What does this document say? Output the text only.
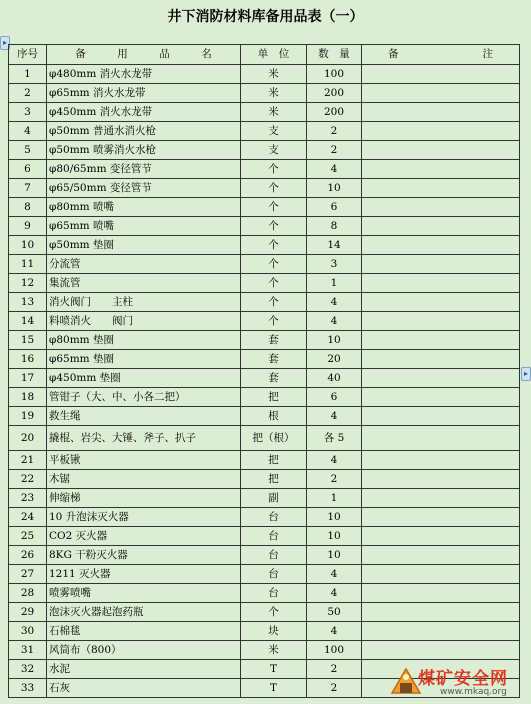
井下消防材料库备用品表（一）
▸
▸
序号	备　　　用　　　品　　　名	单　位	数　量	备　　　　　　　　注
1	φ480mm 消火水龙带	米	100	
2	φ65mm 消火水龙带	米	200	
3	φ450mm 消火水龙带	米	200	
4	φ50mm 普通水消火枪	支	2	
5	φ50mm 喷雾消火水枪	支	2	
6	φ80/65mm 变径管节	个	4	
7	φ65/50mm 变径管节	个	10	
8	φ80mm 喷嘴	个	6	
9	φ65mm 喷嘴	个	8	
10	φ50mm 垫圈	个	14	
11	分流管	个	3	
12	集流管	个	1	
13	消火阀门　　主柱	个	4	
14	料喷消火　　阀门	个	4	
15	φ80mm 垫圈	套	10	
16	φ65mm 垫圈	套	20	
17	φ450mm 垫圈	套	40	
18	管钳子（大、中、小各二把）	把	6	
19	救生绳	根	4	
20	撬棍、岩尖、大锤、斧子、扒子	把（根）	各 5	
21	平板锹	把	4	
22	木锯	把	2	
23	伸缩梯	副	1	
24	10 升泡沫灭火器	台	10	
25	CO2 灭火器	台	10	
26	8KG 干粉灭火器	台	10	
27	1211 灭火器	台	4	
28	喷雾喷嘴	台	4	
29	泡沫灭火器起泡药瓶	个	50	
30	石棉毯	块	4	
31	风筒布（800）	米	100	
32	水泥	T	2	
33	石灰	T	2		煤矿安全网
www.mkaq.org
